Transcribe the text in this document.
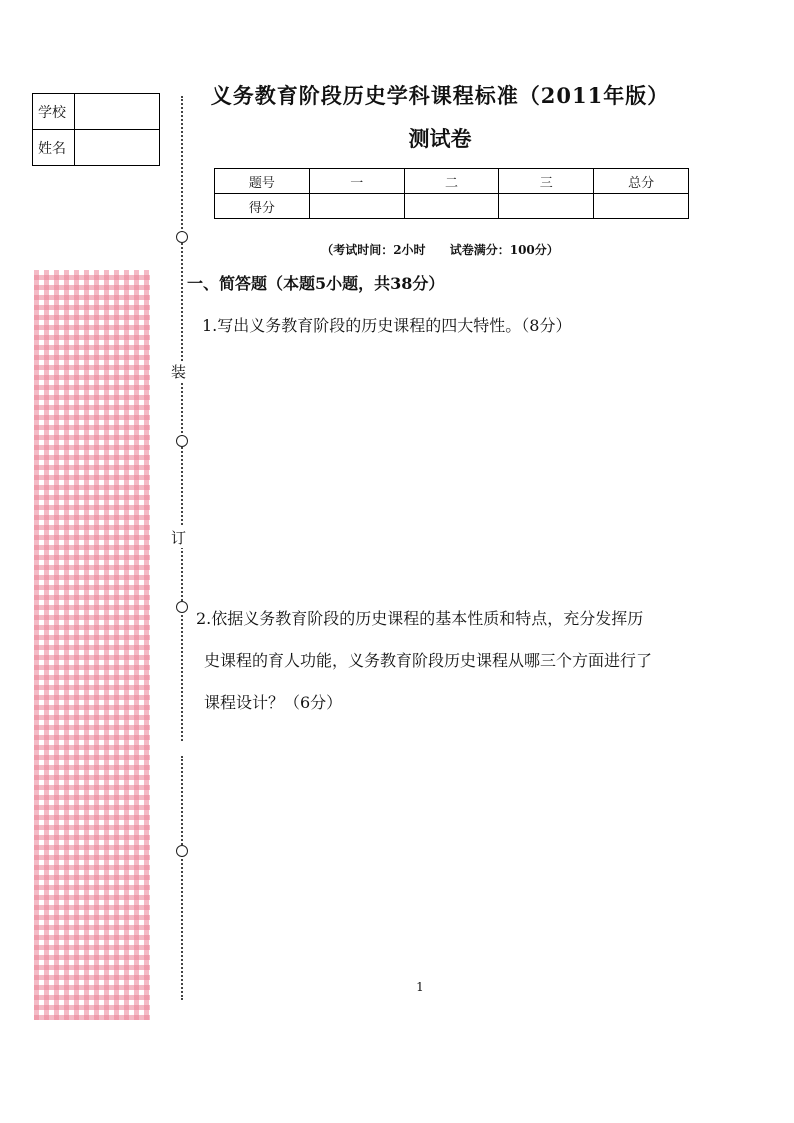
学校	
姓名	
装
订
义务教育阶段历史学科课程标准（2011年版）
测试卷
题号	一	二	三	总分
得分				
（考试时间：2小时 试卷满分：100分）
一、简答题（本题5小题，共38分）
1.写出义务教育阶段的历史课程的四大特性。（8分）
2.依据义务教育阶段的历史课程的基本性质和特点，充分发挥历
史课程的育人功能，义务教育阶段历史课程从哪三个方面进行了
课程设计？（6分）
1
